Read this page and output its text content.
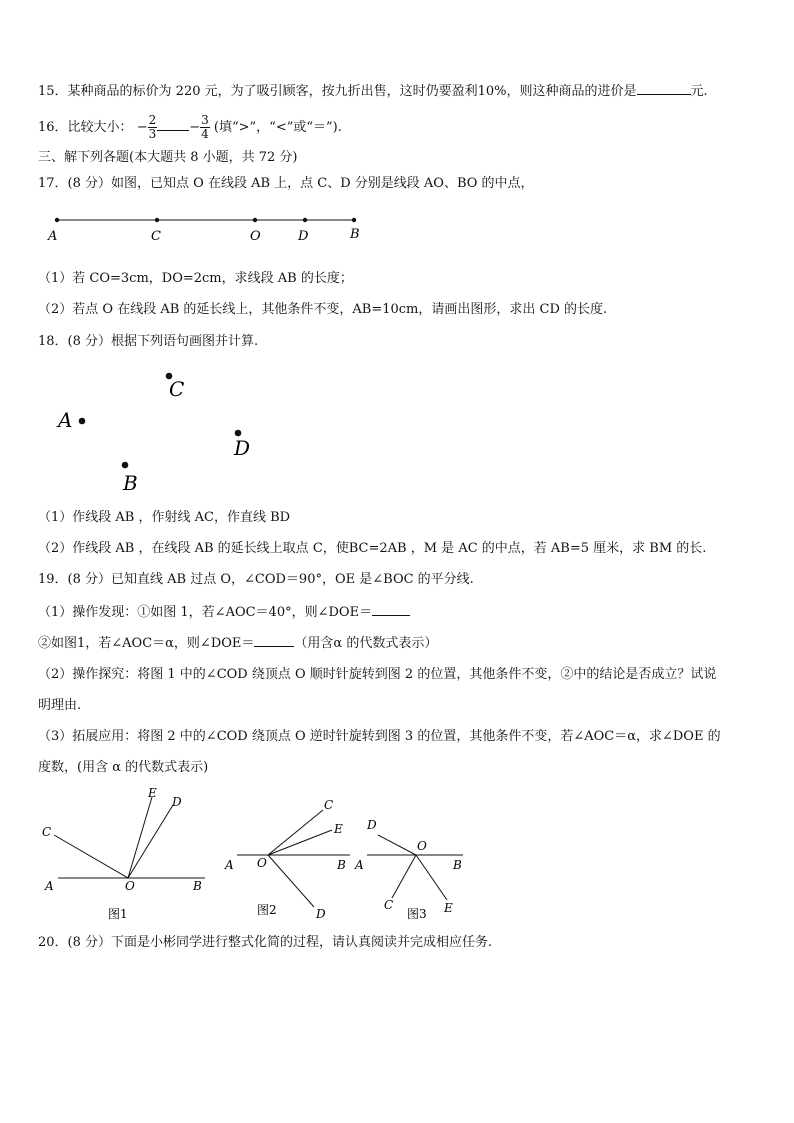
15．某种商品的标价为 220 元，为了吸引顾客，按九折出售，这时仍要盈利10%，则这种商品的进价是	元.
16．比较大小： − $\frac{2}{3} - \frac{3}{4}$ (填“>”，“<”或“＝”).
三、解下列各题(本大题共 8 小题，共 72 分)
17．(8 分）如图，已知点 O 在线段 AB 上，点 C、D 分别是线段 AO、BO 的中点，
A	C	O	D	B
（1）若 CO=3cm，DO=2cm，求线段 AB 的长度；
（2）若点 O 在线段 AB 的延长线上，其他条件不变，AB=10cm，请画出图形，求出 CD 的长度.
18．(8 分）根据下列语句画图并计算.
C
A
D
B
（1）作线段 AB ，作射线 AC，作直线 BD
（2）作线段 AB ，在线段 AB 的延长线上取点 C，使BC=2AB ，M 是 AC 的中点，若 AB=5 厘米，求 BM 的长.
19．(8 分）已知直线 AB 过点 O，∠COD＝90°，OE 是∠BOC 的平分线.
（1）操作发现：①如图 1，若∠AOC＝40°，则∠DOE＝
②如图1，若∠AOC＝α，则∠DOE＝	（用含α 的代数式表示）
（2）操作探究：将图 1 中的∠COD 绕顶点 O 顺时针旋转到图 2 的位置，其他条件不变，②中的结论是否成立？试说
明理由.
（3）拓展应用：将图 2 中的∠COD 绕顶点 O 逆时针旋转到图 3 的位置，其他条件不变，若∠AOC＝α，求∠DOE 的
度数，(用含 α 的代数式表示)
E
D
C
A	O	B
图1
C
E
A O	B
D
图2
D
O
A	B
C	E
图3
20．(8 分）下面是小彬同学进行整式化简的过程，请认真阅读并完成相应任务.
